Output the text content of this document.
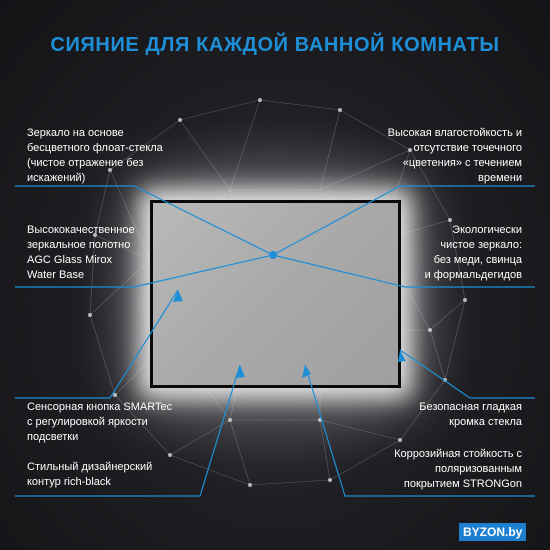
СИЯНИЕ ДЛЯ КАЖДОЙ ВАННОЙ КОМНАТЫ
Зеркало на основе
бесцветного флоат-стекла
(чистое отражение без
искажений)
Высокая влагостойкость и
отсутствие точечного
«цветения» с течением
времени
Высококачественное
зеркальное полотно
AGC Glass Mirox
Water Base
Экологически
чистое зеркало:
без меди, свинца
и формальдегидов
Сенсорная кнопка SMARTec
с регулировкой яркости
подсветки
Безопасная гладкая
кромка стекла
Стильный дизайнерский
контур rich-black
Коррозийная стойкость с
поляризованным
покрытием STRONGon
BYZON.by
